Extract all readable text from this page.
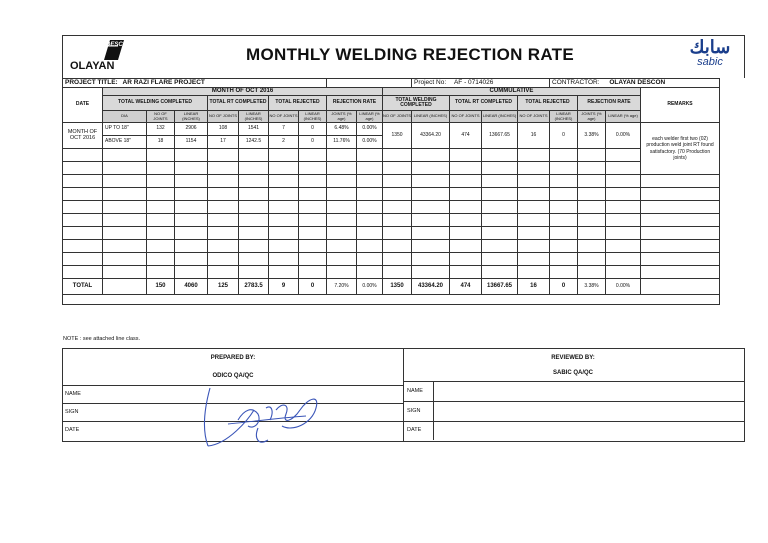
DESCON
OLAYAN
MONTHLY WELDING REJECTION RATE	سابك
sabic
PROJECT TITLE: AR RAZI FLARE PROJECT											Project No: AF - 0714026				CONTRACTOR: OLAYAN DESCON			
DATE	MONTH OF OCT 2016									CUMMULATIVE								REMARKS
	TOTAL WELDING COMPLETED			TOTAL RT COMPLETED		TOTAL REJECTED		REJECTION RATE		TOTAL WELDING COMPLETED		TOTAL RT COMPLETED		TOTAL REJECTED		REJECTION RATE		
	DIA	NO OF JOINTS	LINEAR (INCHES)	NO OF JOINTS	LINEAR (INCHES)	NO OF JOINTS	LINEAR (INCHES)	JOINTS (% age)	LINEAR (% age)	NO OF JOINTS	LINEAR (INCHES)	NO OF JOINTS	LINEAR (INCHES)	NO OF JOINTS	LINEAR (INCHES)	JOINTS (% age)	LINEAR (% age)	
MONTH OF OCT 2016	UP TO 18"	132	2906	108	1541	7	0	6.48%	0.00%	1350	43364.20	474	13667.65	16	0	3.38%	0.00%	each welder first two (02) production weld joint RT found satisfactory. (70 Production joints)
	ABOVE 18"	18	1154	17	1242.5	2	0	11.76%	0.00%									

TOTAL		150	4060	125	2783.5	9	0	7.20%	0.00%	1350	43364.20	474	13667.65	16	0	3.38%	0.00%	

NOTE : see attached line class.
PREPARED BY:	REVIEWED BY:
ODICO QA/QC	SABIC QA/QC
NAME
SIGN
DATE
NAME
SIGN
DATE
